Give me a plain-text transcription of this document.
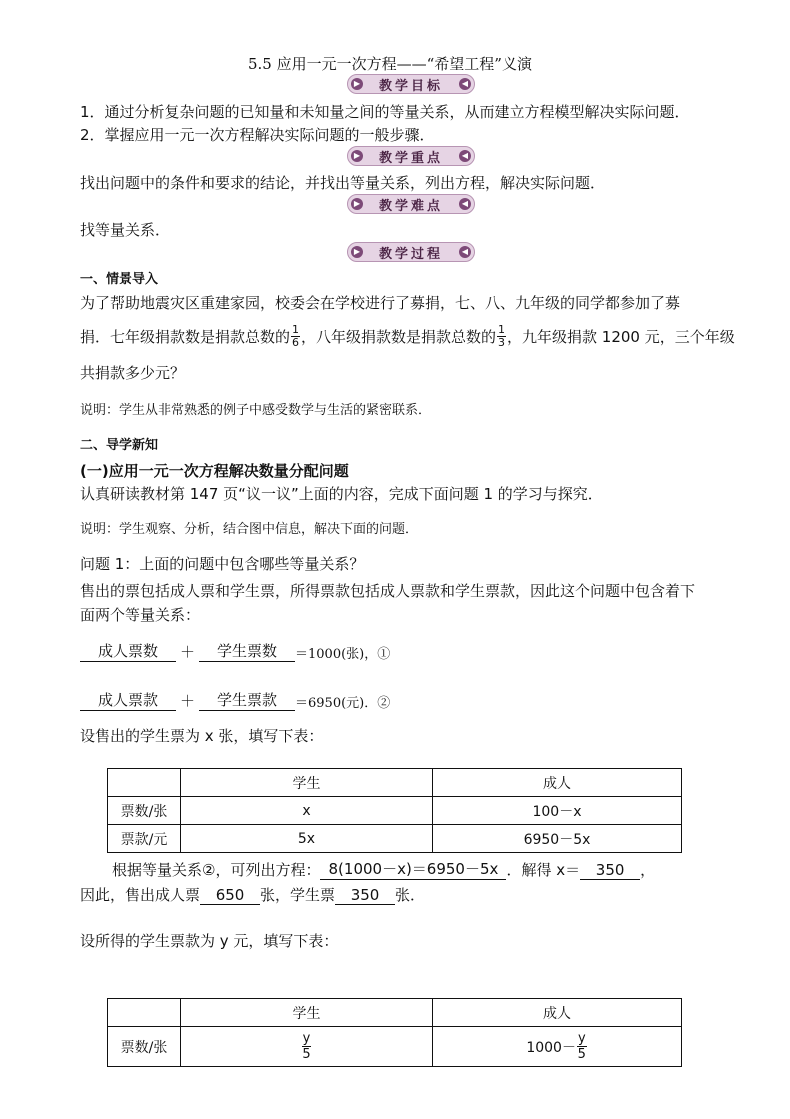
5.5 应用一元一次方程——“希望工程”义演
▶ 教学目标	◀
1．通过分析复杂问题的已知量和未知量之间的等量关系，从而建立方程模型解决实际问题．
2．掌握应用一元一次方程解决实际问题的一般步骤．
▶ 教学重点	◀
找出问题中的条件和要求的结论，并找出等量关系，列出方程，解决实际问题．
▶ 教学难点	◀
找等量关系．
▶ 教学过程	◀
一、情景导入
为了帮助地震灾区重建家园，校委会在学校进行了募捐，七、八、九年级的同学都参加了募
捐．七年级捐款数是捐款总数的 $\frac{1}{6}$ ，八年级捐款数是捐款总数的 $\frac{1}{3}$ ，九年级捐款 1200 元，三个年级
共捐款多少元？
说明：学生从非常熟悉的例子中感受数学与生活的紧密联系．
二、导学新知
(一)应用一元一次方程解决数量分配问题
认真研读教材第 147 页“议一议”上面的内容，完成下面问题 1 的学习与探究．
说明：学生观察、分析，结合图中信息，解决下面的问题．
问题 1：上面的问题中包含哪些等量关系？
售出的票包括成人票和学生票，所得票款包括成人票款和学生票款，因此这个问题中包含着下
面两个等量关系：
成人票数	＋	学生票数	＝1000(张)，①
成人票款	＋	学生票款	＝6950(元)．②
设售出的学生票为 x 张，填写下表：
	学生	成人
票数/张	x	100－x
票款/元	5x	6950－5x
根据等量关系②，可列出方程： 8(1000－x)＝6950－5x ．解得 x＝	350	，
因此，售出成人票	650	张，学生票	350	张．
设所得的学生票款为 y 元，填写下表：
	学生	成人
票数/张	$\frac{y}{5}$	$1000- \frac{y}{5}$
